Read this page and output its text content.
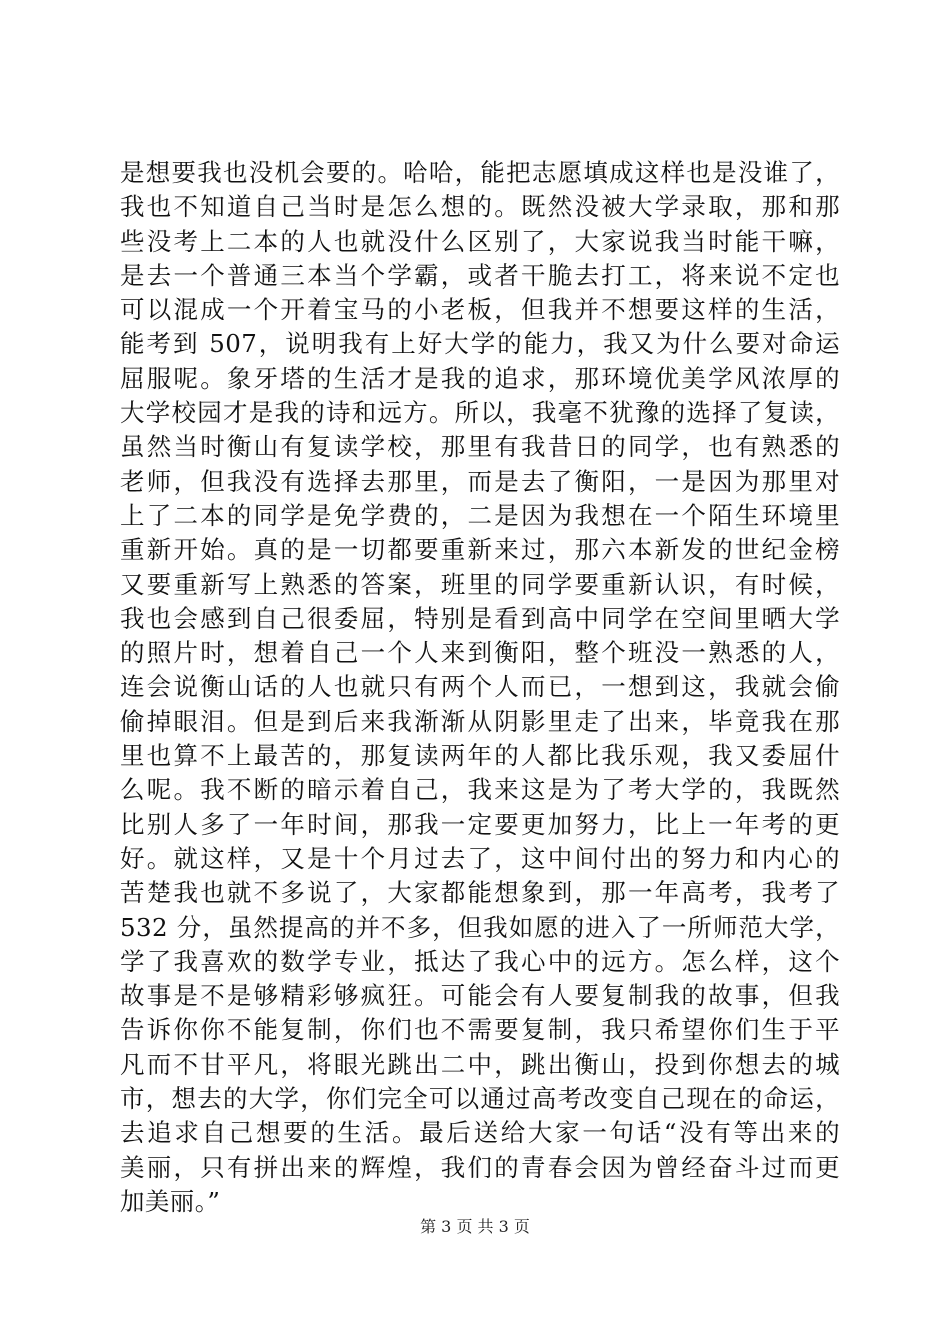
是想要我也没机会要的。哈哈，能把志愿填成这样也是没谁了，
我也不知道自己当时是怎么想的。既然没被大学录取，那和那
些没考上二本的人也就没什么区别了，大家说我当时能干嘛，
是去一个普通三本当个学霸，或者干脆去打工，将来说不定也
可以混成一个开着宝马的小老板，但我并不想要这样的生活，
能考到 507，说明我有上好大学的能力，我又为什么要对命运
屈服呢。象牙塔的生活才是我的追求，那环境优美学风浓厚的
大学校园才是我的诗和远方。所以，我毫不犹豫的选择了复读，
虽然当时衡山有复读学校，那里有我昔日的同学，也有熟悉的
老师，但我没有选择去那里，而是去了衡阳，一是因为那里对
上了二本的同学是免学费的，二是因为我想在一个陌生环境里
重新开始。真的是一切都要重新来过，那六本新发的世纪金榜
又要重新写上熟悉的答案，班里的同学要重新认识，有时候，
我也会感到自己很委屈，特别是看到高中同学在空间里晒大学
的照片时，想着自己一个人来到衡阳，整个班没一熟悉的人，
连会说衡山话的人也就只有两个人而已，一想到这，我就会偷
偷掉眼泪。但是到后来我渐渐从阴影里走了出来，毕竟我在那
里也算不上最苦的，那复读两年的人都比我乐观，我又委屈什
么呢。我不断的暗示着自己，我来这是为了考大学的，我既然
比别人多了一年时间，那我一定要更加努力，比上一年考的更
好。就这样，又是十个月过去了，这中间付出的努力和内心的
苦楚我也就不多说了，大家都能想象到，那一年高考，我考了
532 分，虽然提高的并不多，但我如愿的进入了一所师范大学，
学了我喜欢的数学专业，抵达了我心中的远方。怎么样，这个
故事是不是够精彩够疯狂。可能会有人要复制我的故事，但我
告诉你你不能复制，你们也不需要复制，我只希望你们生于平
凡而不甘平凡，将眼光跳出二中，跳出衡山，投到你想去的城
市，想去的大学，你们完全可以通过高考改变自己现在的命运，
去追求自己想要的生活。最后送给大家一句话“没有等出来的
美丽，只有拼出来的辉煌，我们的青春会因为曾经奋斗过而更
加美丽。”
第 3 页 共 3 页
